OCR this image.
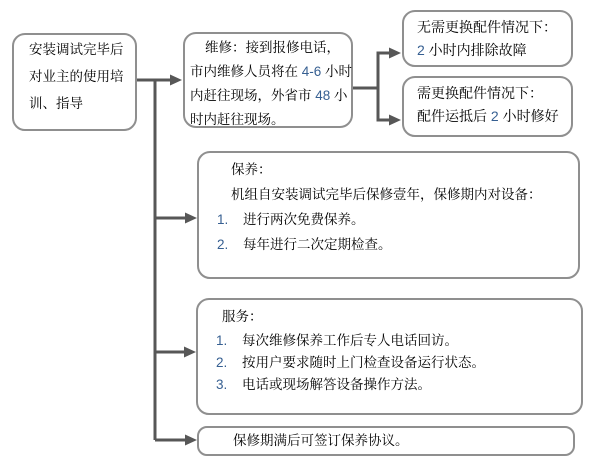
安装调试完毕后
对业主的使用培
训、指导
维修：接到报修电话，
市内维修人员将在 4-6 小时
内赶往现场，外省市 48 小
时内赶往现场。
无需更换配件情况下：
2 小时内排除故障
需更换配件情况下：
配件运抵后 2 小时修好
保养：
机组自安装调试完毕后保修壹年，保修期内对设备：
1. 进行两次免费保养。
2. 每年进行二次定期检查。
服务：
1. 每次维修保养工作后专人电话回访。
2. 按用户要求随时上门检查设备运行状态。
3. 电话或现场解答设备操作方法。
保修期满后可签订保养协议。
